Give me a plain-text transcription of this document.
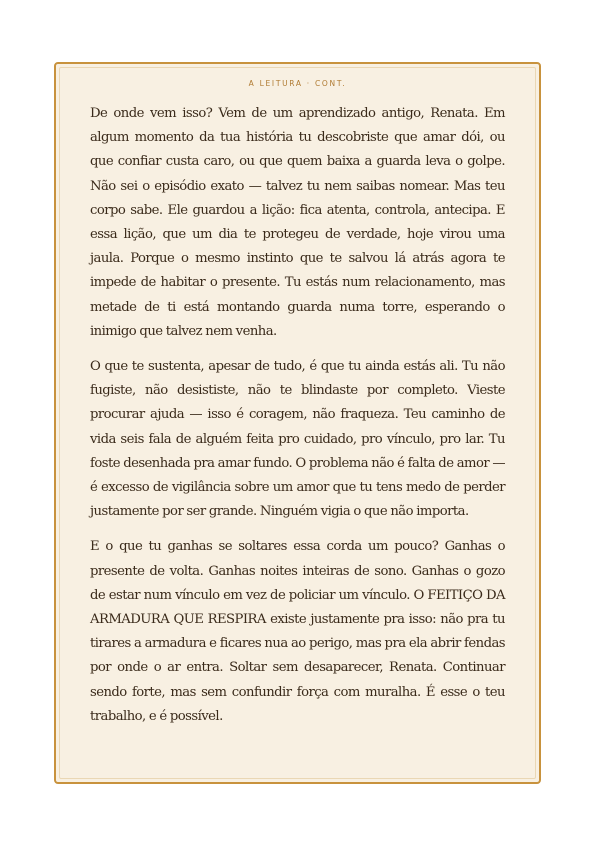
A LEITURA · CONT.

De onde vem isso? Vem de um aprendizado antigo, Renata. Em algum momento da tua história tu descobriste que amar dói, ou que confiar custa caro, ou que quem baixa a guarda leva o golpe. Não sei o episódio exato — talvez tu nem saibas nomear. Mas teu corpo sabe. Ele guardou a lição: fica atenta, controla, antecipa. E essa lição, que um dia te protegeu de verdade, hoje virou uma jaula. Porque o mesmo instinto que te salvou lá atrás agora te impede de habitar o presente. Tu estás num relacionamento, mas metade de ti está montando guarda numa torre, esperando o inimigo que talvez nem venha.

O que te sustenta, apesar de tudo, é que tu ainda estás ali. Tu não fugiste, não desististe, não te blindaste por completo. Vieste procurar ajuda — isso é coragem, não fraqueza. Teu caminho de vida seis fala de alguém feita pro cuidado, pro vínculo, pro lar. Tu foste desenhada pra amar fundo. O problema não é falta de amor — é excesso de vigilância sobre um amor que tu tens medo de perder justamente por ser grande. Ninguém vigia o que não importa.

E o que tu ganhas se soltares essa corda um pouco? Ganhas o presente de volta. Ganhas noites inteiras de sono. Ganhas o gozo de estar num vínculo em vez de policiar um vínculo. O FEITIÇO DA ARMADURA QUE RESPIRA existe justamente pra isso: não pra tu tirares a armadura e ficares nua ao perigo, mas pra ela abrir fendas por onde o ar entra. Soltar sem desaparecer, Renata. Continuar sendo forte, mas sem confundir força com muralha. É esse o teu trabalho, e é possível.
